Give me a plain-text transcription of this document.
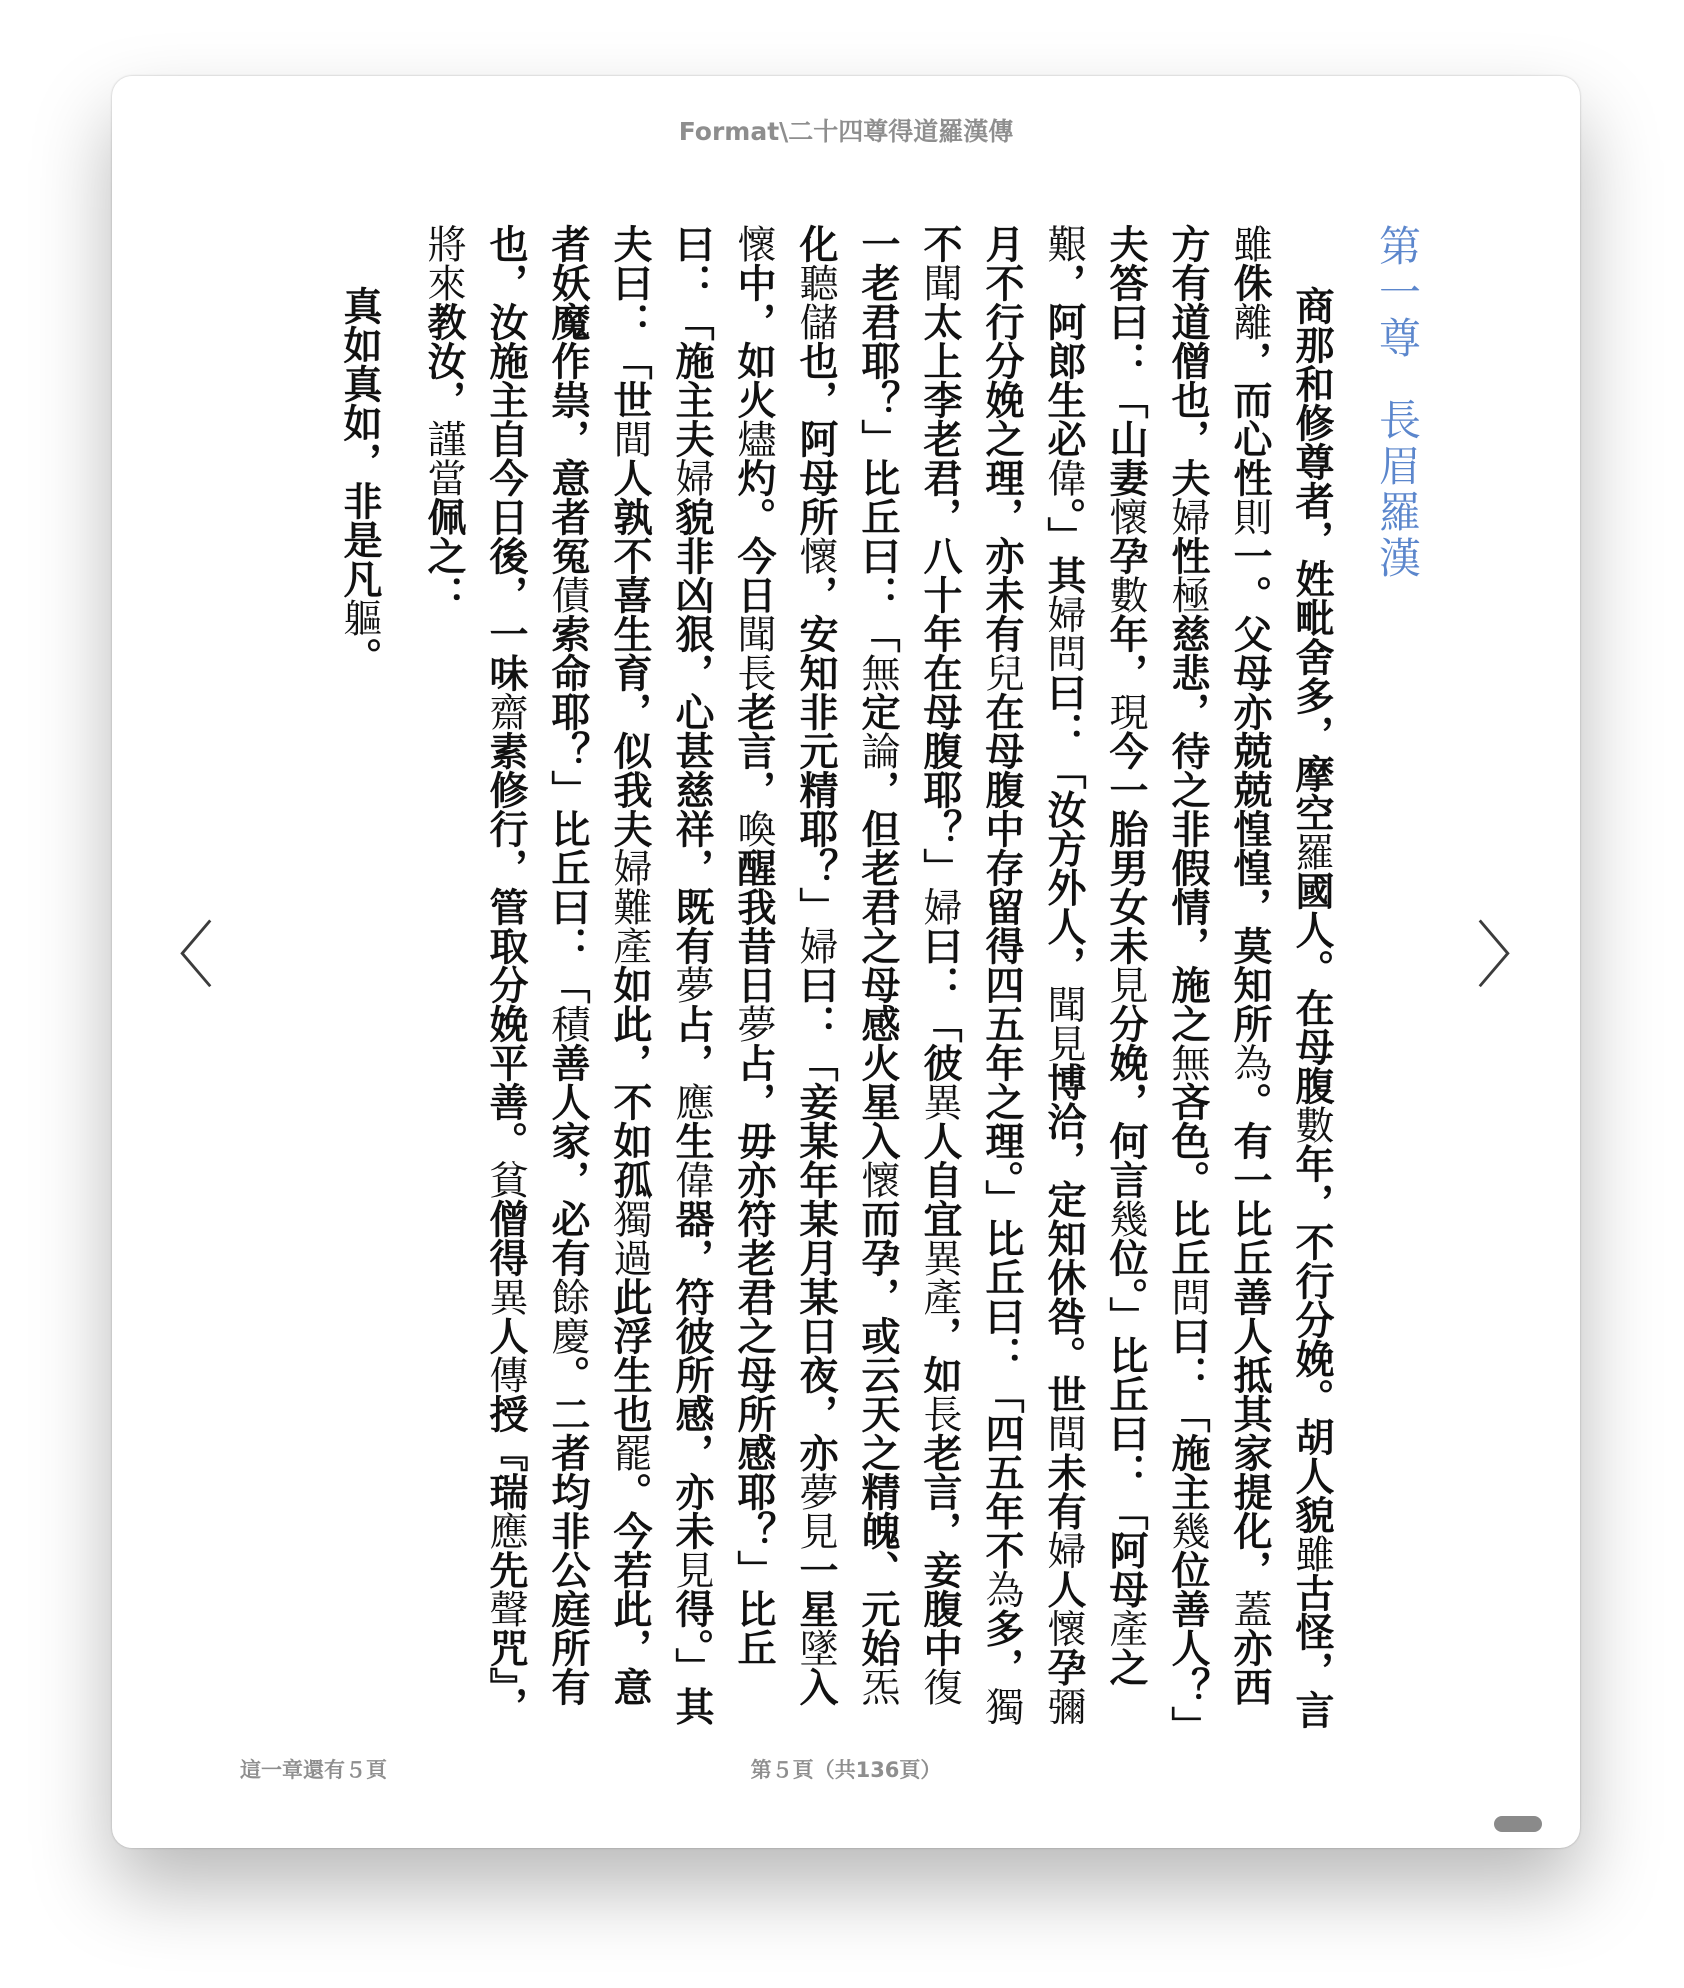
Format\二十四尊得道羅漢傳
〈	〉
第一尊長眉羅漢

商那和修尊者，姓毗舍多，摩空羅國人。在母腹數年，不行分娩。胡人貌雖古怪，言雖侏離，而心性則一。父母亦兢兢惶惶，莫知所為。有一比丘善人抵其家提化，蓋亦西方有道僧也，夫婦性極慈悲，待之非假情，施之無吝色。比丘問曰：「施主幾位善人？」夫答曰：「山妻懷孕數年，現今一胎男女未見分娩，何言幾位。」比丘曰：「阿母產之艱，阿郎生必偉。」其婦問曰：「汝方外人，聞見博洽，定知休咎。世間未有婦人懷孕彌月不行分娩之理，亦未有兒在母腹中存留得四五年之理。」比丘曰：「四五年不為多，獨不聞太上李老君，八十年在母腹耶？」婦曰：「彼異人自宜異產，如長老言，妾腹中復一老君耶？」比丘曰：「無定論，但老君之母感火星入懷而孕，或云天之精魄、元始炁化聽儲也，阿母所懷，安知非元精耶？」婦曰：「妾某年某月某日夜，亦夢見一星墜入懷中，如火燼灼。今日聞長老言，喚醒我昔日夢占，毋亦符老君之母所感耶？」比丘曰：「施主夫婦貌非凶狠，心甚慈祥，既有夢占，應生偉器，符彼所感，亦未見得。」其夫曰：「世間人孰不喜生育，似我夫婦難產如此，不如孤獨過此浮生也罷。今若此，意者妖魔作祟，意者冤債索命耶？」比丘曰：「積善人家，必有餘慶。二者均非公庭所有也，汝施主自今日後，一味齋素修行，管取分娩平善。貧僧得異人傳授『瑞應先聲咒』，將來教汝，謹當佩之：

真如真如，非是凡軀。

這一章還有５頁	第５頁（共136頁）
